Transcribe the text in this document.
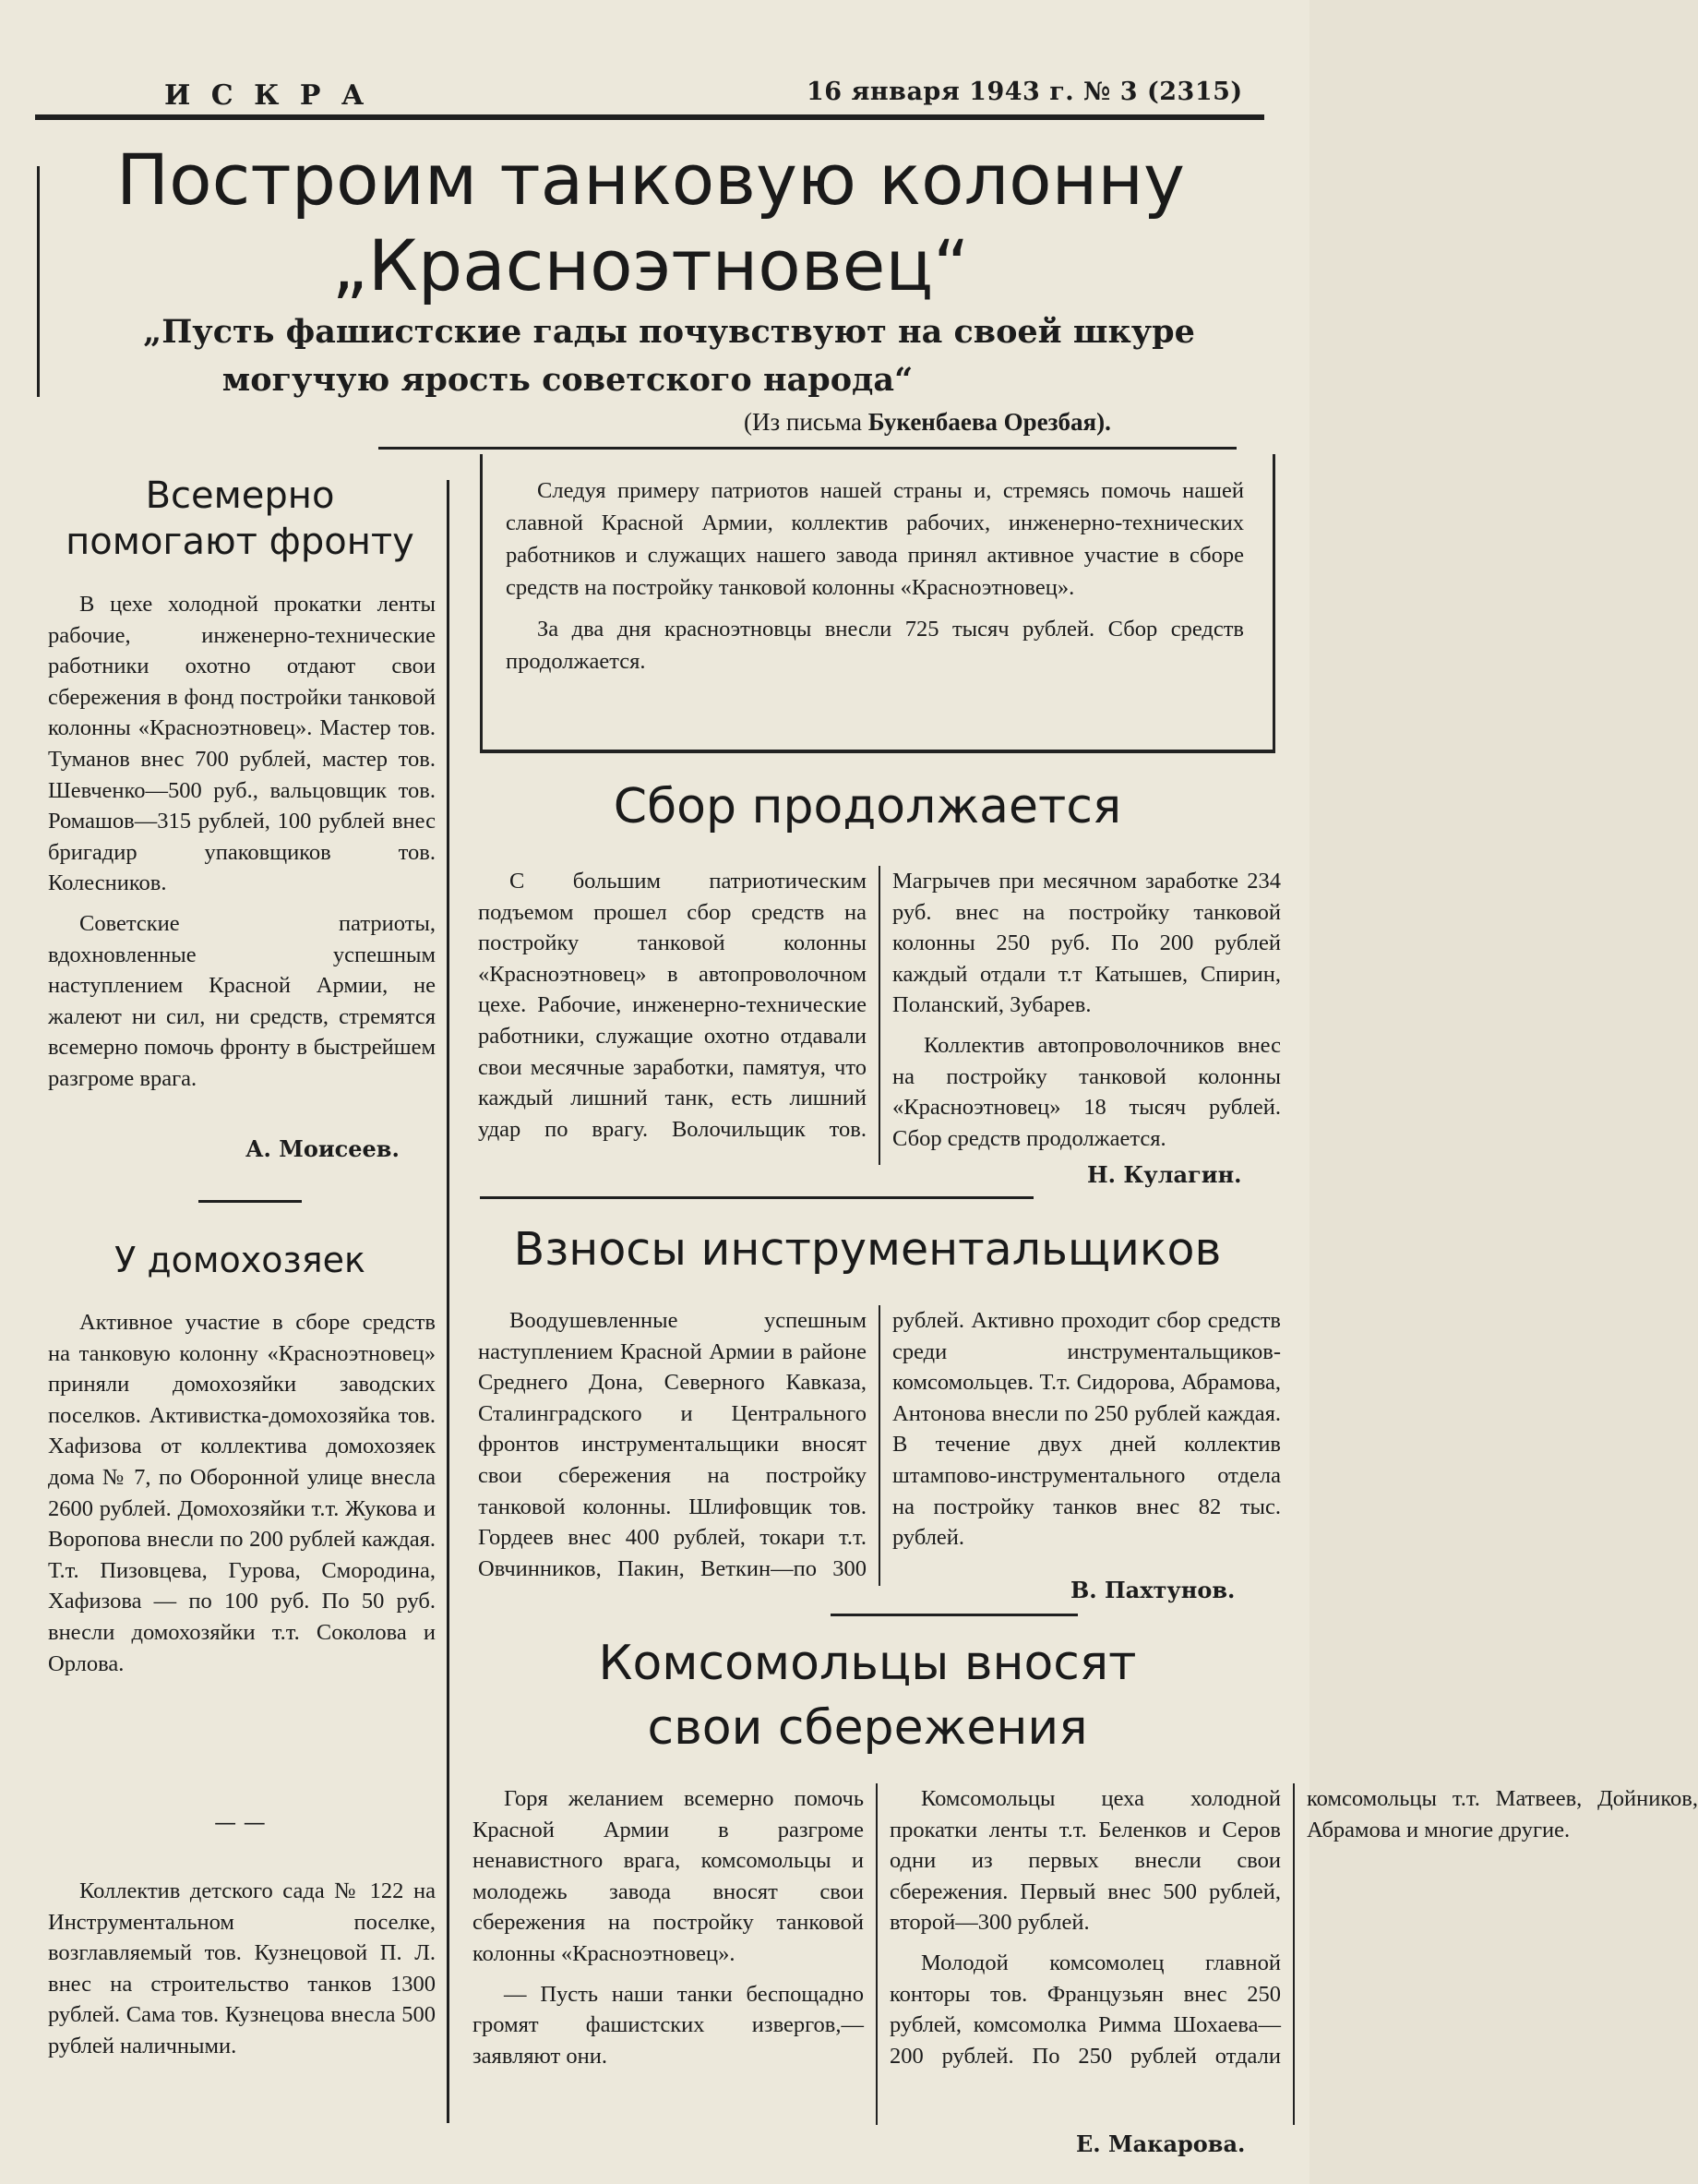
И С К Р А	16 января 1943 г. № 3 (2315)
Построим танковую колонну
„Красноэтновец“
„Пусть фашистские гады почувствуют на своей шкуре
могучую ярость советского народа“
(Из письма Букенбаева Орезбая).

Следуя примеру патриотов нашей страны и, стремясь помочь нашей славной Красной Армии, коллектив рабочих, инженерно-технических работников и служащих нашего завода принял активное участие в сборе средств на постройку танковой колонны «Красноэтновец».

За два дня красноэтновцы внесли 725 тысяч рублей. Сбор средств продолжается.

Всемерно
помогают фронту

В цехе холодной прокатки ленты рабочие, инженерно-технические работники охотно отдают свои сбережения в фонд постройки танковой колонны «Красноэтновец». Мастер тов. Туманов внес 700 рублей, мастер тов. Шевченко—500 руб., вальцовщик тов. Ромашов—315 рублей, 100 рублей внес бригадир упаковщиков тов. Колесников.

Советские патриоты, вдохновленные успешным наступлением Красной Армии, не жалеют ни сил, ни средств, стремятся всемерно помочь фронту в быстрейшем разгроме врага.

А. Моисеев.
У домохозяек

Активное участие в сборе средств на танковую колонну «Красноэтновец» приняли домохозяйки заводских поселков. Активистка-домохозяйка тов. Хафизова от коллектива домохозяек дома № 7, по Оборонной улице внесла 2600 рублей. Домохозяйки т.т. Жукова и Воропова внесли по 200 рублей каждая. Т.т. Пизовцева, Гурова, Смородина, Хафизова — по 100 руб. По 50 руб. внесли домохозяйки т.т. Соколова и Орлова.

— —

Коллектив детского сада № 122 на Инструментальном поселке, возглавляемый тов. Кузнецовой П. Л. внес на строительство танков 1300 рублей. Сама тов. Кузнецова внесла 500 рублей наличными.

Сбор продолжается

С большим патриотическим подъемом прошел сбор средств на постройку танковой колонны «Красноэтновец» в автопроволочном цехе. Рабочие, инженерно-технические работники, служащие охотно отдавали свои месячные заработки, памятуя, что каждый лишний танк, есть лишний удар по врагу. Волочильщик тов. Магрычев при месячном заработке 234 руб. внес на постройку танковой колонны 250 руб. По 200 рублей каждый отдали т.т Катышев, Спирин, Поланский, Зубарев.

Коллектив автопроволочников внес на постройку танковой колонны «Красноэтновец» 18 тысяч рублей. Сбор средств продолжается.

Н. Кулагин.
Взносы инструментальщиков

Воодушевленные успешным наступлением Красной Армии в районе Среднего Дона, Северного Кавказа, Сталинградского и Центрального фронтов инструментальщики вносят свои сбережения на постройку танковой колонны. Шлифовщик тов. Гордеев внес 400 рублей, токари т.т. Овчинников, Пакин, Веткин—по 300 рублей. Активно проходит сбор средств среди инструментальщиков-комсомольцев. Т.т. Сидорова, Абрамова, Антонова внесли по 250 рублей каждая. В течение двух дней коллектив штампово-инструментального отдела на постройку танков внес 82 тыс. рублей.

В. Пахтунов.
Комсомольцы вносят
свои сбережения

Горя желанием всемерно помочь Красной Армии в разгроме ненавистного врага, комсомольцы и молодежь завода вносят свои сбережения на постройку танковой колонны «Красноэтновец».

— Пусть наши танки беспощадно громят фашистских извергов,—заявляют они.

Комсомольцы цеха холодной прокатки ленты т.т. Беленков и Серов одни из первых внесли свои сбережения. Первый внес 500 рублей, второй—300 рублей.

Молодой комсомолец главной конторы тов. Французьян внес 250 рублей, комсомолка Римма Шохаева—200 рублей. По 250 рублей отдали комсомольцы т.т. Матвеев, Дойников, Абрамова и многие другие.

Е. Макарова.
